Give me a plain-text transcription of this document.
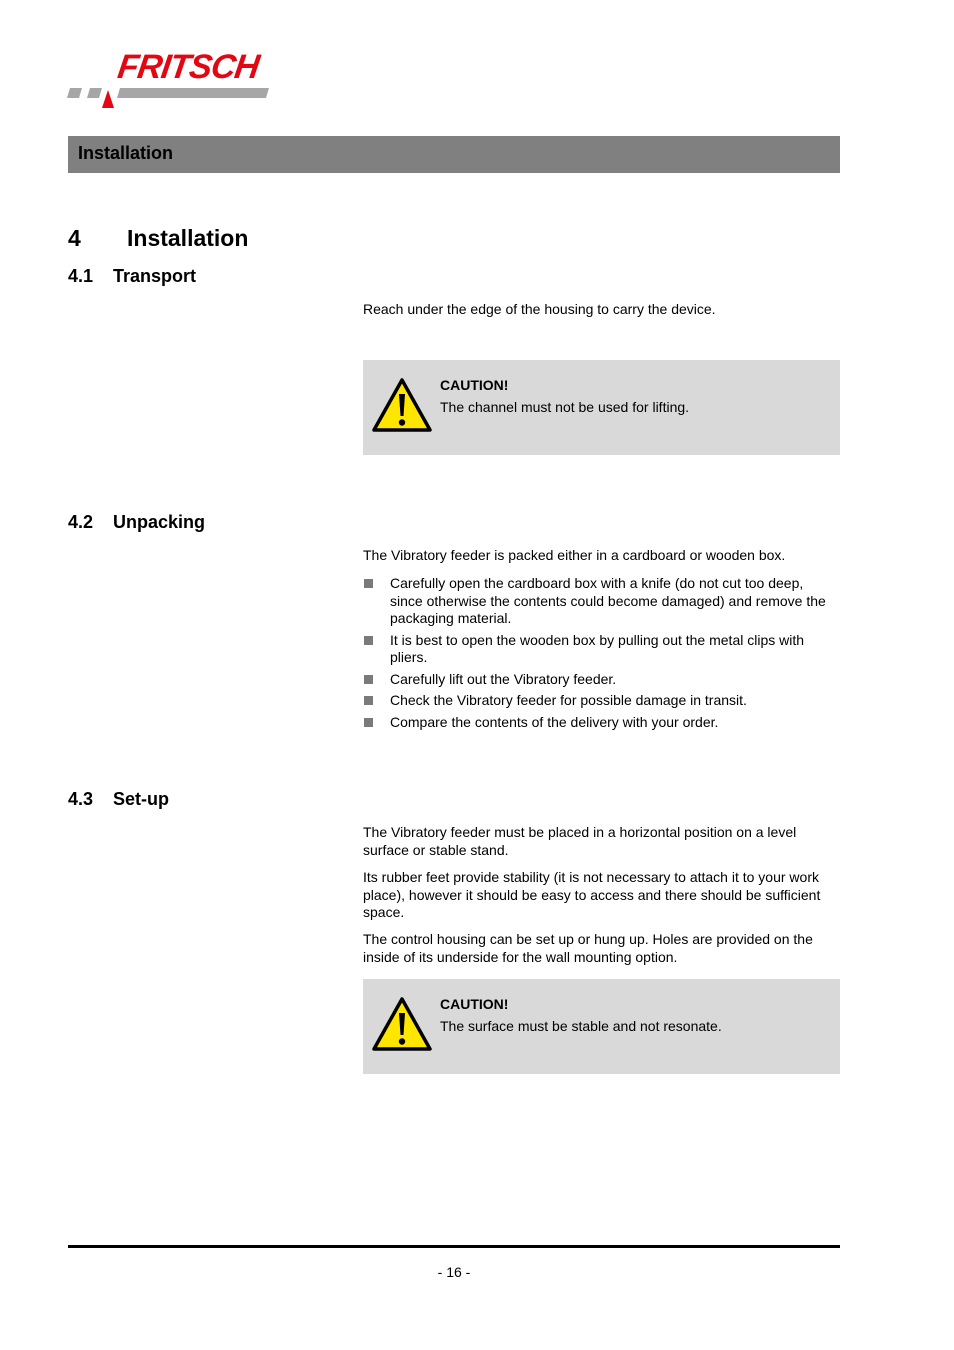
FRITSCH
Installation
4 Installation
4.1 Transport
Reach under the edge of the housing to carry the device.
CAUTION!
The channel must not be used for lifting.
4.2 Unpacking
The Vibratory feeder is packed either in a cardboard or wooden box.
Carefully open the cardboard box with a knife (do not cut too deep, since otherwise the contents could become damaged) and remove the packaging material.
It is best to open the wooden box by pulling out the metal clips with pliers.
Carefully lift out the Vibratory feeder.
Check the Vibratory feeder for possible damage in transit.
Compare the contents of the delivery with your order.
4.3 Set-up
The Vibratory feeder must be placed in a horizontal position on a level surface or stable stand.
Its rubber feet provide stability (it is not necessary to attach it to your work place), however it should be easy to access and there should be sufficient space.
The control housing can be set up or hung up. Holes are provided on the inside of its underside for the wall mounting option.
CAUTION!
The surface must be stable and not resonate.
- 16 -
